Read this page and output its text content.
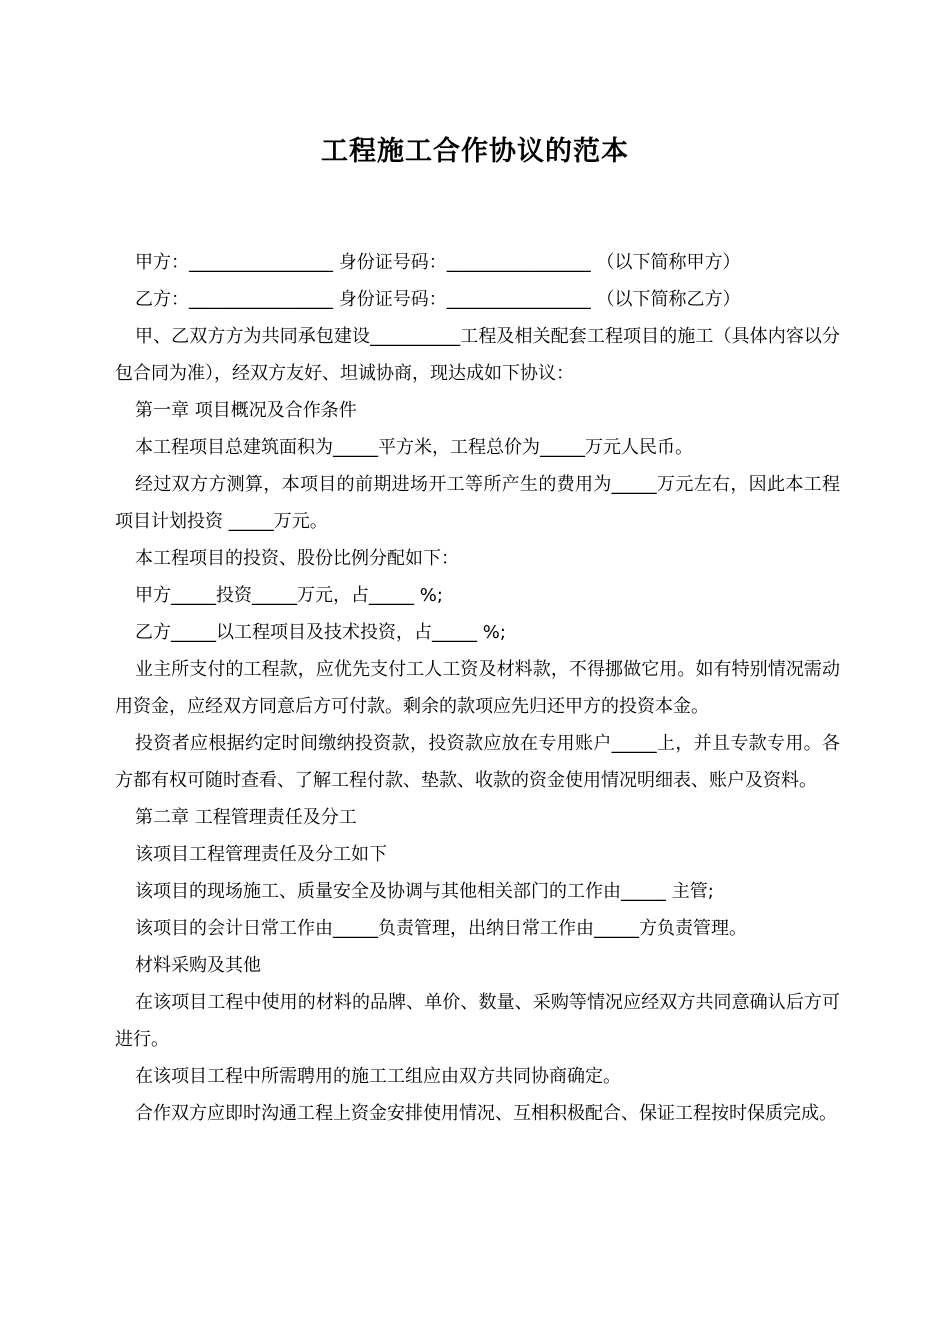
工程施工合作协议的范本

甲方：________________ 身份证号码：________________ （以下简称甲方）

乙方：________________ 身份证号码：________________ （以下简称乙方）

甲、乙双方方为共同承包建设__________工程及相关配套工程项目的施工（具体内容以分包合同为准），经双方友好、坦诚协商，现达成如下协议：

第一章 项目概况及合作条件

本工程项目总建筑面积为_____平方米，工程总价为_____万元人民币。

经过双方方测算，本项目的前期进场开工等所产生的费用为_____万元左右，因此本工程项目计划投资 _____万元。

本工程项目的投资、股份比例分配如下：

甲方_____投资_____万元，占_____ %;

乙方_____以工程项目及技术投资，占_____ %;

业主所支付的工程款，应优先支付工人工资及材料款，不得挪做它用。如有特别情况需动用资金，应经双方同意后方可付款。剩余的款项应先归还甲方的投资本金。

投资者应根据约定时间缴纳投资款，投资款应放在专用账户_____上，并且专款专用。各方都有权可随时查看、了解工程付款、垫款、收款的资金使用情况明细表、账户及资料。

第二章 工程管理责任及分工

该项目工程管理责任及分工如下

该项目的现场施工、质量安全及协调与其他相关部门的工作由_____ 主管;

该项目的会计日常工作由_____负责管理，出纳日常工作由_____方负责管理。

材料采购及其他

在该项目工程中使用的材料的品牌、单价、数量、采购等情况应经双方共同意确认后方可进行。

在该项目工程中所需聘用的施工工组应由双方共同协商确定。

合作双方应即时沟通工程上资金安排使用情况、互相积极配合、保证工程按时保质完成。
